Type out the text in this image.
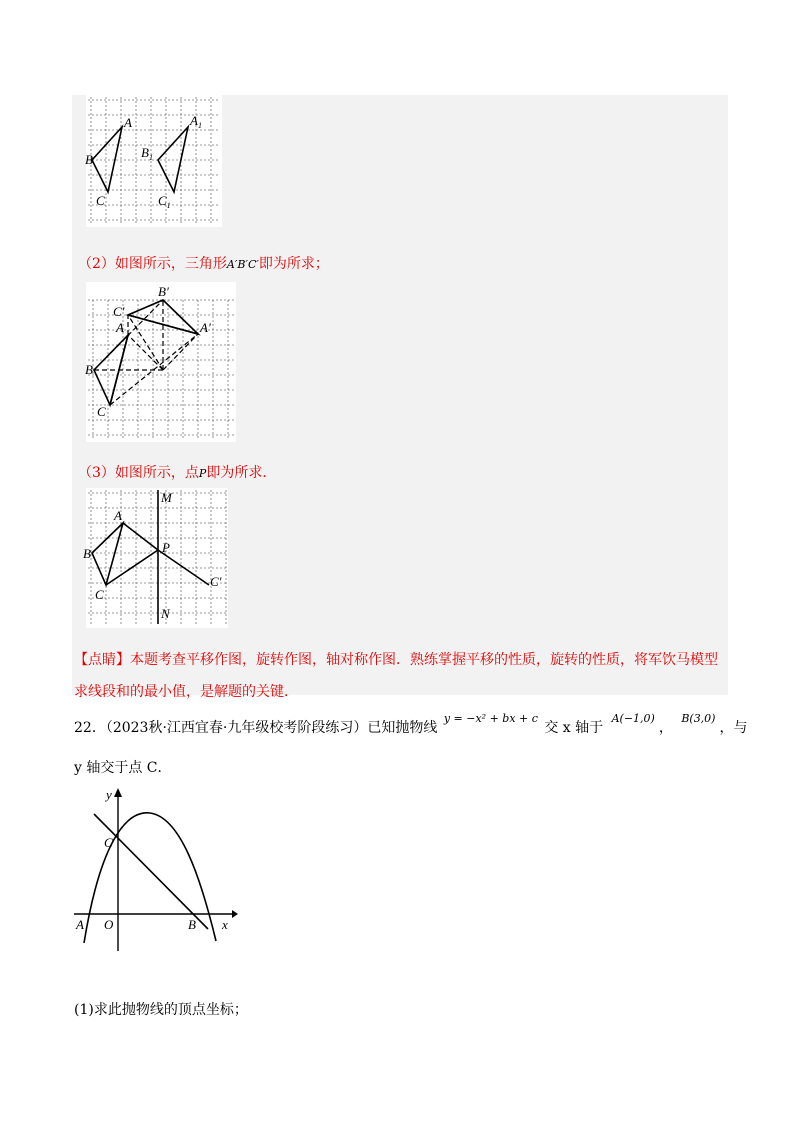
A
B
C
$A_1$
$B_1$
$C_1$
（2）如图所示，三角形A′B′C′即为所求；
B′
C′
A	A′
B
C
（3）如图所示，点P即为所求．
M
A
P
B
C′
C
N
【点睛】本题考查平移作图，旋转作图，轴对称作图．熟练掌握平移的性质，旋转的性质，将军饮马模型求线段和的最小值，是解题的关键．
22．（2023秋·江西宜春·九年级校考阶段练习）已知抛物线 $^{y = -x^2 + bx + c}$ 交 x 轴于 $^{A(-1,0)}$， $^{B(3,0)}$，与
y 轴交于点 C．
y
C
x
A O	B
(1)求此抛物线的顶点坐标；
